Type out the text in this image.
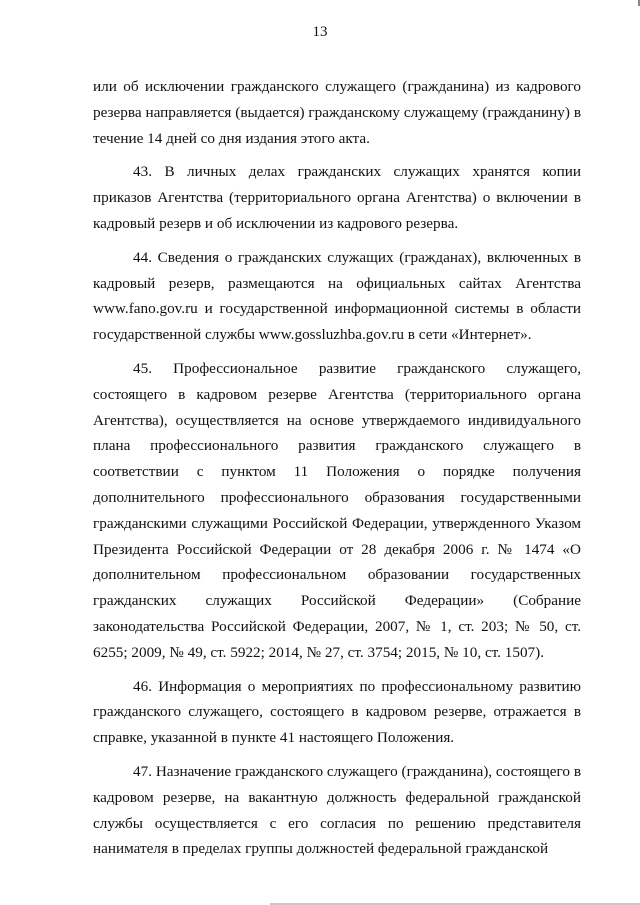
13

или об исключении гражданского служащего (гражданина) из кадрового резерва направляется (выдается) гражданскому служащему (гражданину) в течение 14 дней со дня издания этого акта.

43. В личных делах гражданских служащих хранятся копии приказов Агентства (территориального органа Агентства) о включении в кадровый резерв и об исключении из кадрового резерва.

44. Сведения о гражданских служащих (гражданах), включенных в кадровый резерв, размещаются на официальных сайтах Агентства www.fano.gov.ru и государственной информационной системы в области государственной службы www.gossluzhba.gov.ru в сети «Интернет».

45. Профессиональное развитие гражданского служащего, состоящего в кадровом резерве Агентства (территориального органа Агентства), осуществляется на основе утверждаемого индивидуального плана профессионального развития гражданского служащего в соответствии с пунктом 11 Положения о порядке получения дополнительного профессионального образования государственными гражданскими служащими Российской Федерации, утвержденного Указом Президента Российской Федерации от 28 декабря 2006 г. № 1474 «О дополнительном профессиональном образовании государственных гражданских служащих Российской Федерации» (Собрание законодательства Российской Федерации, 2007, № 1, ст. 203; № 50, ст. 6255; 2009, № 49, ст. 5922; 2014, № 27, ст. 3754; 2015, № 10, ст. 1507).

46. Информация о мероприятиях по профессиональному развитию гражданского служащего, состоящего в кадровом резерве, отражается в справке, указанной в пункте 41 настоящего Положения.

47. Назначение гражданского служащего (гражданина), состоящего в кадровом резерве, на вакантную должность федеральной гражданской службы осуществляется с его согласия по решению представителя нанимателя в пределах группы должностей федеральной гражданской
